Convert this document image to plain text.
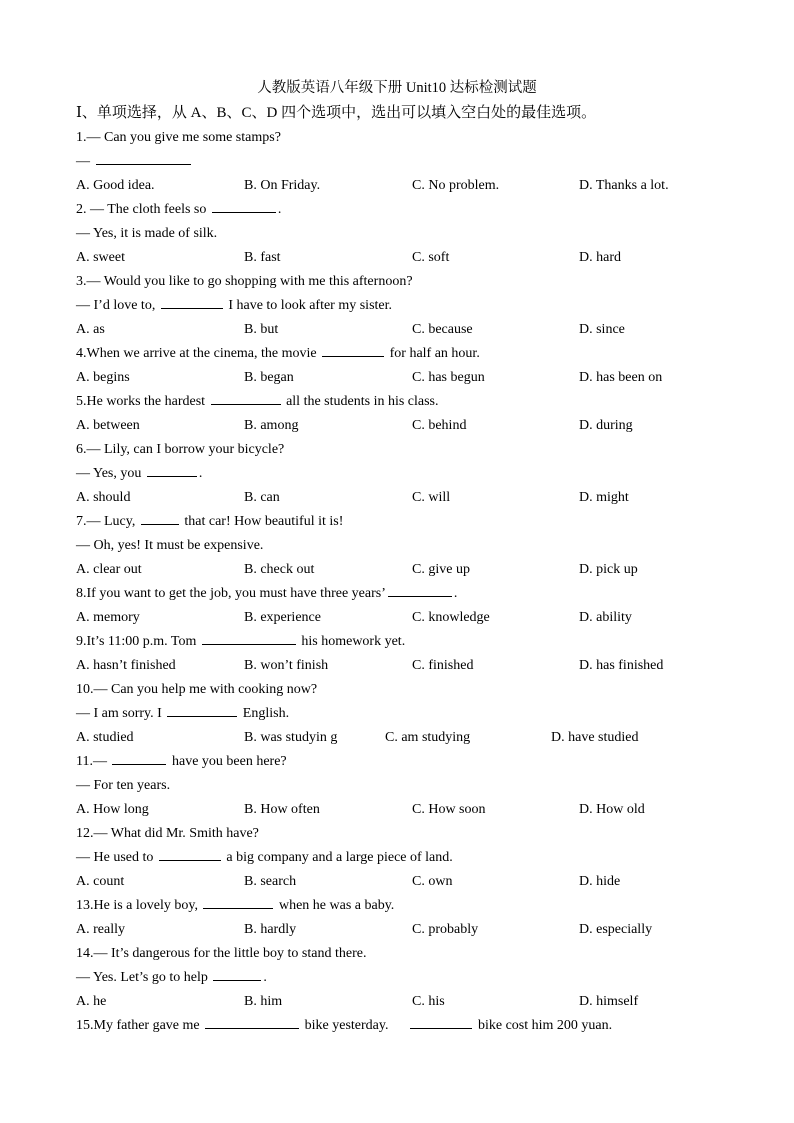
人教版英语八年级下册 Unit10 达标检测试题
Ⅰ、单项选择，从 A、B、C、D 四个选项中，选出可以填入空白处的最佳选项。
1.— Can you give me some stamps?
—
A. Good idea.	B. On Friday.	C. No problem.	D. Thanks a lot.
2. — The cloth feels so	.
— Yes, it is made of silk.
A. sweet	B. fast	C. soft	D. hard
3.— Would you like to go shopping with me this afternoon?
— I’d love to,	I have to look after my sister.
A. as	B. but	C. because	D. since
4.When we arrive at the cinema, the movie	for half an hour.
A. begins	B. began	C. has begun	D. has been on
5.He works the hardest	all the students in his class.
A. between	B. among	C. behind	D. during
6.— Lily, can I borrow your bicycle?
— Yes, you	.
A. should	B. can	C. will	D. might
7.— Lucy,	that car! How beautiful it is!
— Oh, yes! It must be expensive.
A. clear out	B. check out	C. give up	D. pick up
8.If you want to get the job, you must have three years’	.
A. memory	B. experience	C. knowledge	D. ability
9.It’s 11:00 p.m. Tom	his homework yet.
A. hasn’t finished	B. won’t finish	C. finished	D. has finished
10.— Can you help me with cooking now?
— I am sorry. I	English.
A. studied	B. was studyin g	C. am studying	D. have studied
11.—	have you been here?
— For ten years.
A. How long	B. How often	C. How soon	D. How old
12.— What did Mr. Smith have?
— He used to	a big company and a large piece of land.
A. count	B. search	C. own	D. hide
13.He is a lovely boy,	when he was a baby.
A. really	B. hardly	C. probably	D. especially
14.— It’s dangerous for the little boy to stand there.
— Yes. Let’s go to help	.
A. he	B. him	C. his	D. himself
15.My father gave me	bike yesterday.	bike cost him 200 yuan.
